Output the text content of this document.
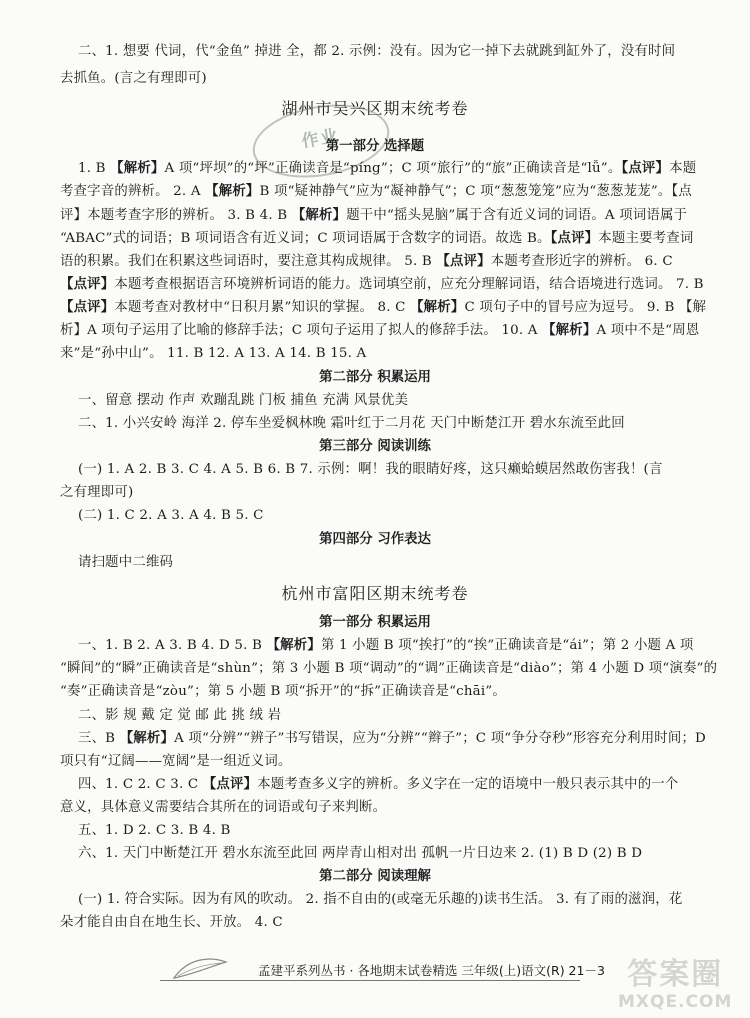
二、1. 想要 代词，代“金鱼” 掉进 全，都 2. 示例：没有。因为它一掉下去就跳到缸外了，没有时间
去抓鱼。(言之有理即可)
湖州市吴兴区期末统考卷
作业
第一部分 选择题
1. B 【解析】A 项“坪坝”的“坪”正确读音是“píng”；C 项“旅行”的“旅”正确读音是“lǚ”。【点评】本题
考查字音的辨析。 2. A 【解析】B 项“疑神静气”应为“凝神静气”；C 项“葱葱笼笼”应为“葱葱茏茏”。【点
评】本题考查字形的辨析。 3. B 4. B 【解析】题干中“摇头晃脑”属于含有近义词的词语。A 项词语属于
“ABAC”式的词语；B 项词语含有近义词；C 项词语属于含数字的词语。故选 B。【点评】本题主要考查词
语的积累。我们在积累这些词语时，要注意其构成规律。 5. B 【点评】本题考查形近字的辨析。 6. C
【点评】本题考查根据语言环境辨析词语的能力。选词填空前，应充分理解词语，结合语境进行选词。 7. B
【点评】本题考查对教材中“日积月累”知识的掌握。 8. C 【解析】C 项句子中的冒号应为逗号。 9. B 【解
析】A 项句子运用了比喻的修辞手法；C 项句子运用了拟人的修辞手法。 10. A 【解析】A 项中不是“周恩
来”是“孙中山”。 11. B 12. A 13. A 14. B 15. A
第二部分 积累运用
一、留意 摆动 作声 欢蹦乱跳 门板 捕鱼 充满 风景优美
二、1. 小兴安岭 海洋 2. 停车坐爱枫林晚 霜叶红于二月花 天门中断楚江开 碧水东流至此回
第三部分 阅读训练
(一) 1. A 2. B 3. C 4. A 5. B 6. B 7. 示例：啊！我的眼睛好疼，这只癞蛤蟆居然敢伤害我！(言
之有理即可)
(二) 1. C 2. A 3. A 4. B 5. C
第四部分 习作表达
请扫题中二维码
杭州市富阳区期末统考卷
第一部分 积累运用
一、1. B 2. A 3. B 4. D 5. B 【解析】第 1 小题 B 项“挨打”的“挨”正确读音是“ái”；第 2 小题 A 项
“瞬间”的“瞬”正确读音是“shùn”；第 3 小题 B 项“调动”的“调”正确读音是“diào”；第 4 小题 D 项“演奏”的
“奏”正确读音是“zòu”；第 5 小题 B 项“拆开”的“拆”正确读音是“chāi”。
二、影 规 戴 定 觉 邮 此 挑 绒 岩
三、B 【解析】A 项“分辨”“辨子”书写错误，应为“分辨”“辫子”；C 项“争分夺秒”形容充分利用时间；D
项只有“辽阔——宽阔”是一组近义词。
四、1. C 2. C 3. C 【点评】本题考查多义字的辨析。多义字在一定的语境中一般只表示其中的一个
意义，具体意义需要结合其所在的词语或句子来判断。
五、1. D 2. C 3. B 4. B
六、1. 天门中断楚江开 碧水东流至此回 两岸青山相对出 孤帆一片日边来 2. (1) B D (2) B D
第二部分 阅读理解
(一) 1. 符合实际。因为有风的吹动。 2. 指不自由的(或毫无乐趣的)读书生活。 3. 有了雨的滋润，花
朵才能自由自在地生长、开放。 4. C
孟建平系列丛书 · 各地期末试卷精选 三年级(上)语文(R) 21－3 答案圈
MXQE.COM
